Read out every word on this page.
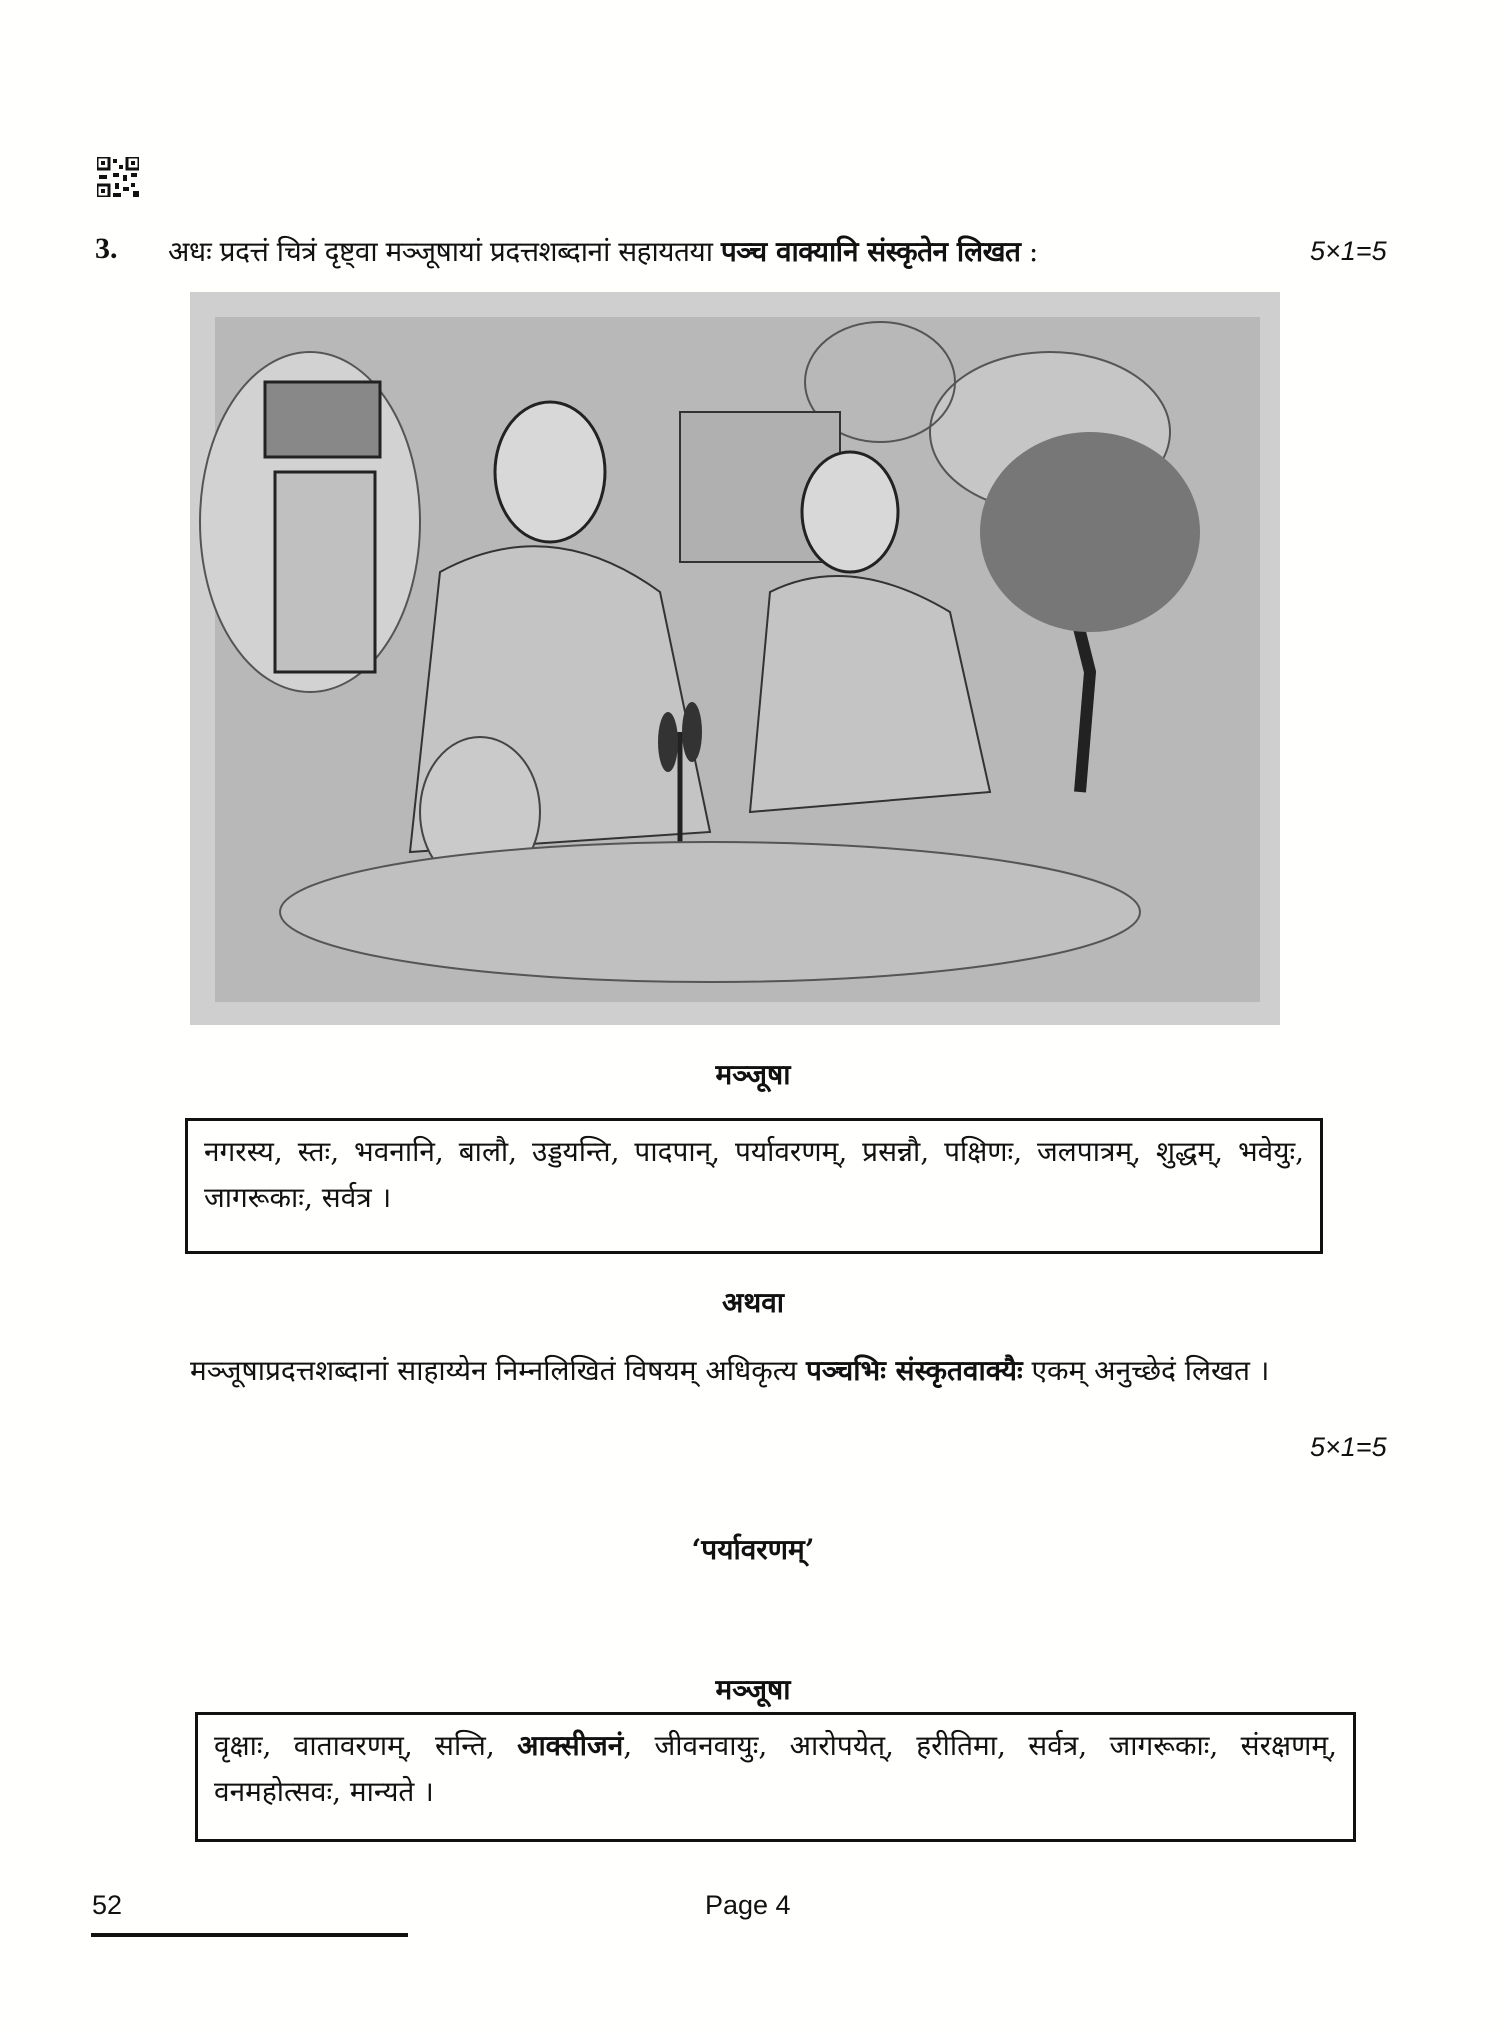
3. अधः प्रदत्तं चित्रं दृष्ट्वा मञ्जूषायां प्रदत्तशब्दानां सहायतया पञ्च वाक्यानि संस्कृतेन लिखत :	5×1=5
मञ्जूषा
नगरस्य, स्तः, भवनानि, बालौ, उड्डयन्ति, पादपान्, पर्यावरणम्, प्रसन्नौ, पक्षिणः, जलपात्रम्, शुद्धम्, भवेयुः, जागरूकाः, सर्वत्र ।
अथवा
मञ्जूषाप्रदत्तशब्दानां साहाय्येन निम्नलिखितं विषयम् अधिकृत्य पञ्चभिः संस्कृतवाक्यैः एकम् अनुच्छेदं लिखत ।
5×1=5
‘पर्यावरणम्’
मञ्जूषा
वृक्षाः, वातावरणम्, सन्ति, आक्सीजनं, जीवनवायुः, आरोपयेत्, हरीतिमा, सर्वत्र, जागरूकाः, संरक्षणम्, वनमहोत्सवः, मान्यते ।
52	Page 4
